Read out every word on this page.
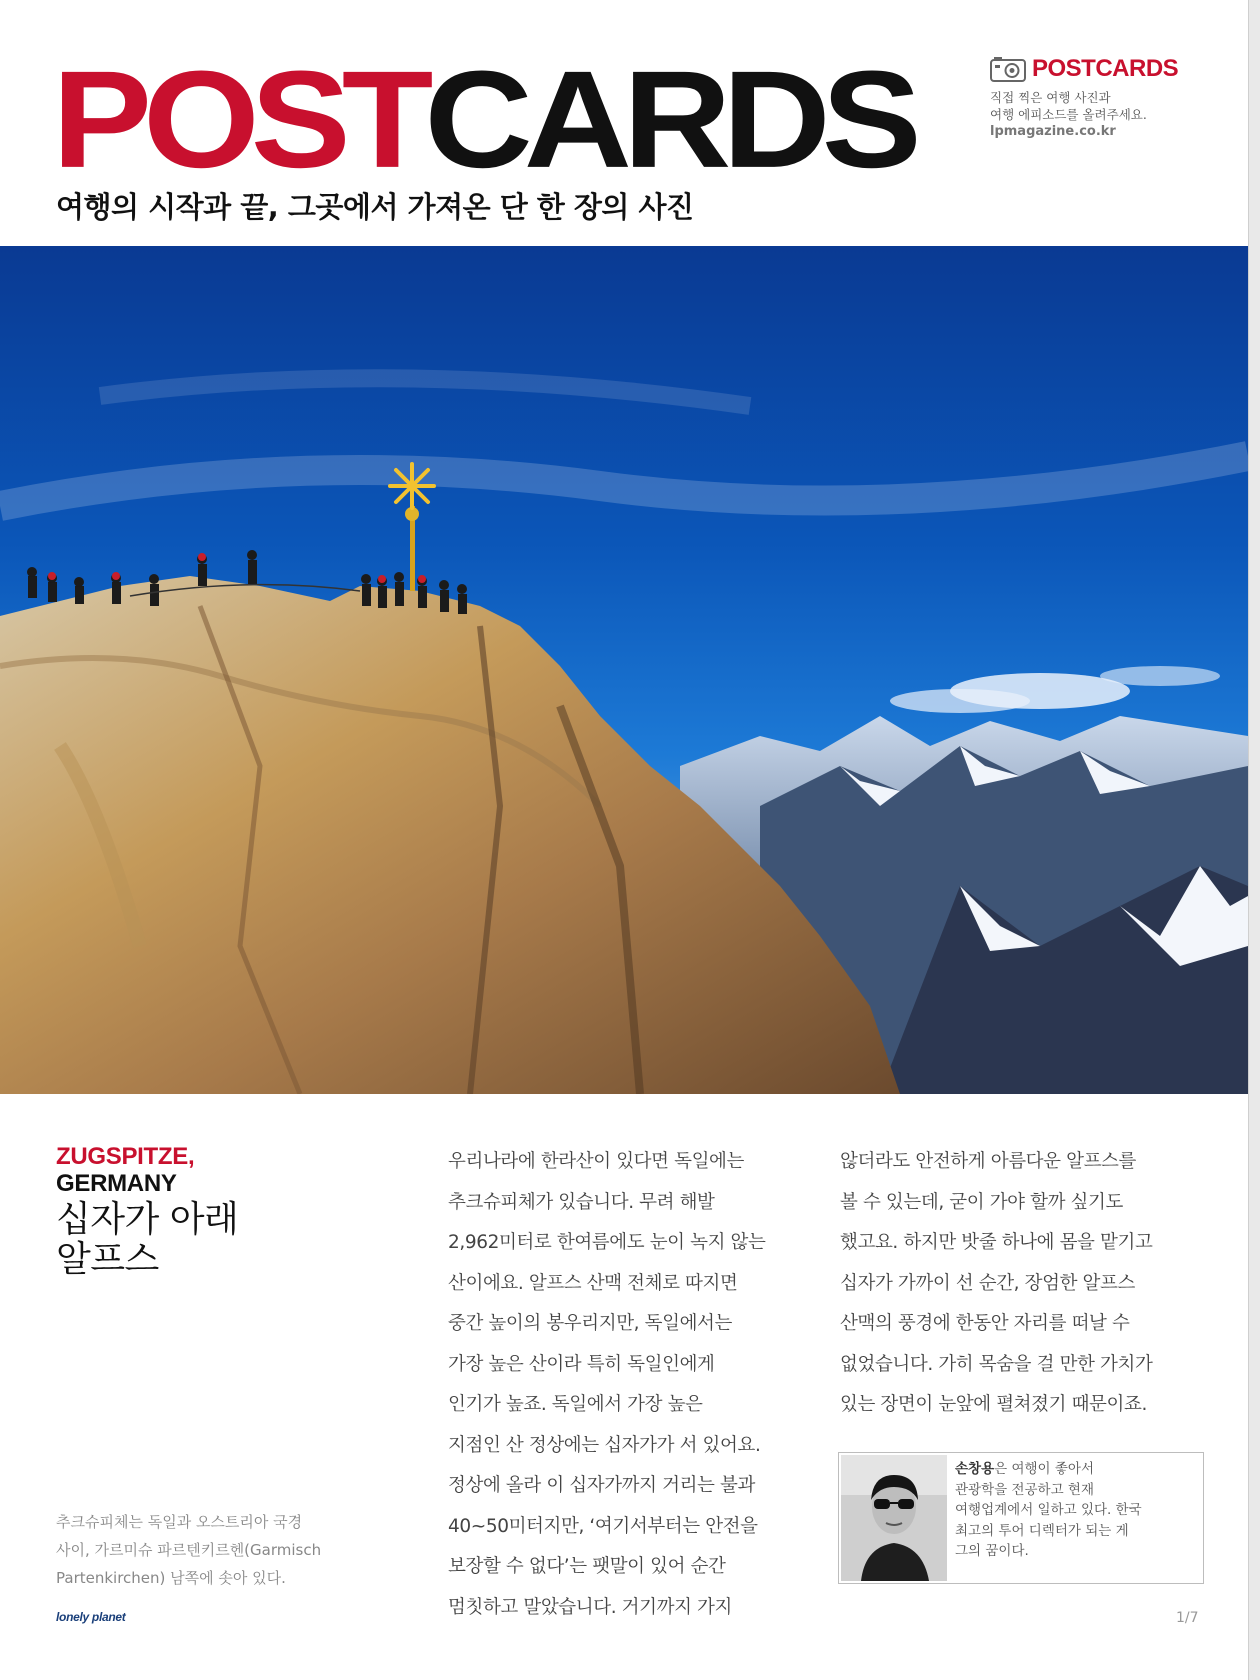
POSTCARDS
여행의 시작과 끝, 그곳에서 가져온 단 한 장의 사진
POSTCARDS
직접 찍은 여행 사진과
여행 에피소드를 올려주세요.
lpmagazine.co.kr
ZUGSPITZE,
GERMANY
십자가 아래
알프스
추크슈피체는 독일과 오스트리아 국경
사이, 가르미슈 파르텐키르헨(Garmisch
Partenkirchen) 남쪽에 솟아 있다.

우리나라에 한라산이 있다면 독일에는

추크슈피체가 있습니다. 무려 해발

2,962미터로 한여름에도 눈이 녹지 않는

산이에요. 알프스 산맥 전체로 따지면

중간 높이의 봉우리지만, 독일에서는

가장 높은 산이라 특히 독일인에게

인기가 높죠. 독일에서 가장 높은

지점인 산 정상에는 십자가가 서 있어요.

정상에 올라 이 십자가까지 거리는 불과

40~50미터지만, ‘여기서부터는 안전을

보장할 수 없다’는 팻말이 있어 순간

멈칫하고 말았습니다. 거기까지 가지

않더라도 안전하게 아름다운 알프스를

볼 수 있는데, 굳이 가야 할까 싶기도

했고요. 하지만 밧줄 하나에 몸을 맡기고

십자가 가까이 선 순간, 장엄한 알프스

산맥의 풍경에 한동안 자리를 떠날 수

없었습니다. 가히 목숨을 걸 만한 가치가

있는 장면이 눈앞에 펼쳐졌기 때문이죠.

손창용은 여행이 좋아서
관광학을 전공하고 현재
여행업계에서 일하고 있다. 한국
최고의 투어 디렉터가 되는 게
그의 꿈이다.
lonely planet	1/7
